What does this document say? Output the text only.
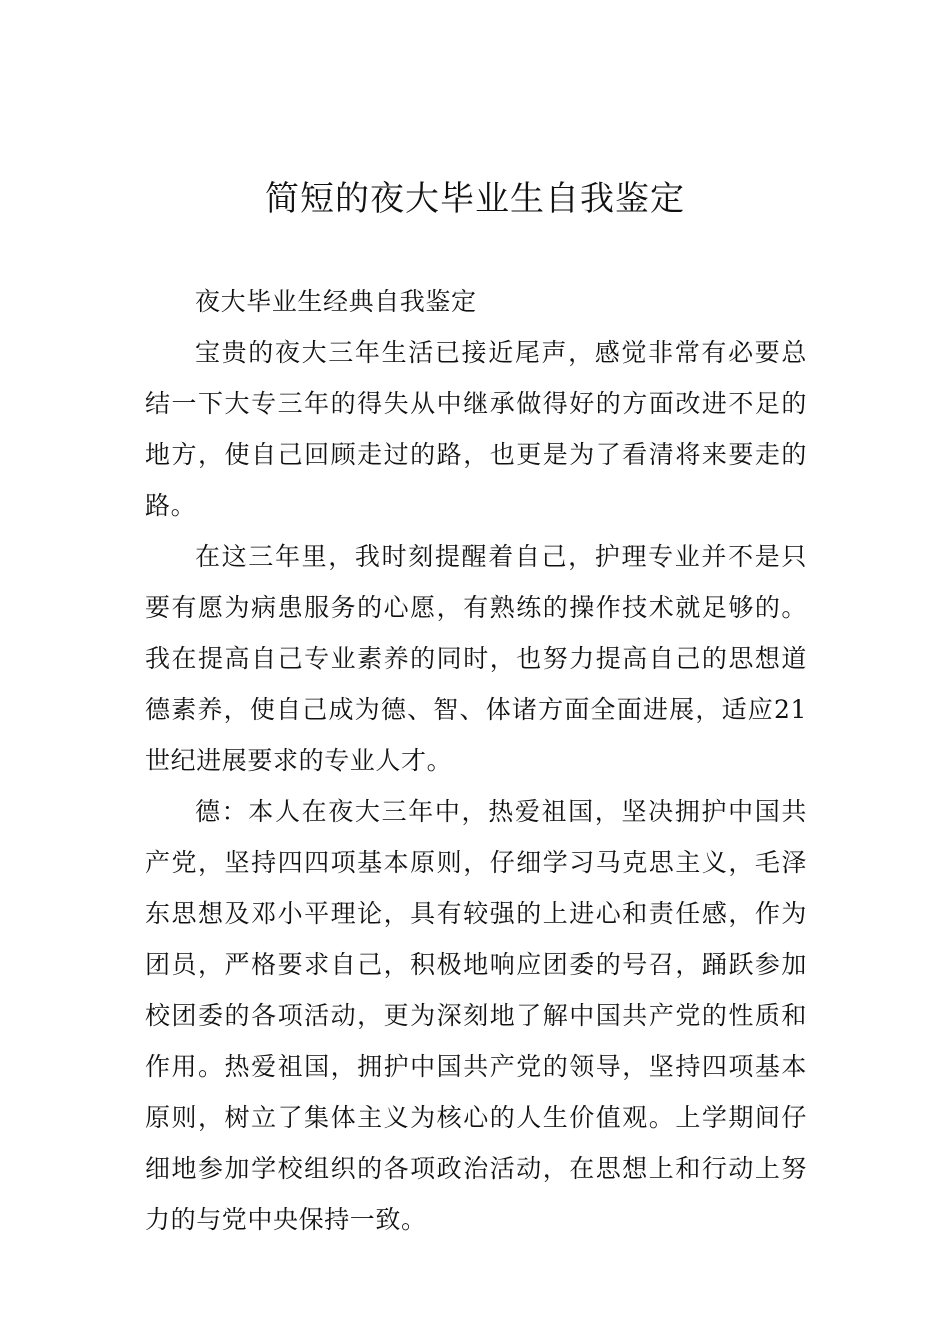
简短的夜大毕业生自我鉴定

夜大毕业生经典自我鉴定

宝贵的夜大三年生活已接近尾声，感觉非常有必要总结一下大专三年的得失从中继承做得好的方面改进不足的地方，使自己回顾走过的路，也更是为了看清将来要走的路。

在这三年里，我时刻提醒着自己，护理专业并不是只要有愿为病患服务的心愿，有熟练的操作技术就足够的。我在提高自己专业素养的同时，也努力提高自己的思想道德素养，使自己成为德、智、体诸方面全面进展，适应21世纪进展要求的专业人才。

德：本人在夜大三年中，热爱祖国，坚决拥护中国共产党，坚持四四项基本原则，仔细学习马克思主义，毛泽东思想及邓小平理论，具有较强的上进心和责任感，作为团员，严格要求自己，积极地响应团委的号召，踊跃参加校团委的各项活动，更为深刻地了解中国共产党的性质和作用。热爱祖国，拥护中国共产党的领导，坚持四项基本原则，树立了集体主义为核心的人生价值观。上学期间仔细地参加学校组织的各项政治活动，在思想上和行动上努力的与党中央保持一致。
